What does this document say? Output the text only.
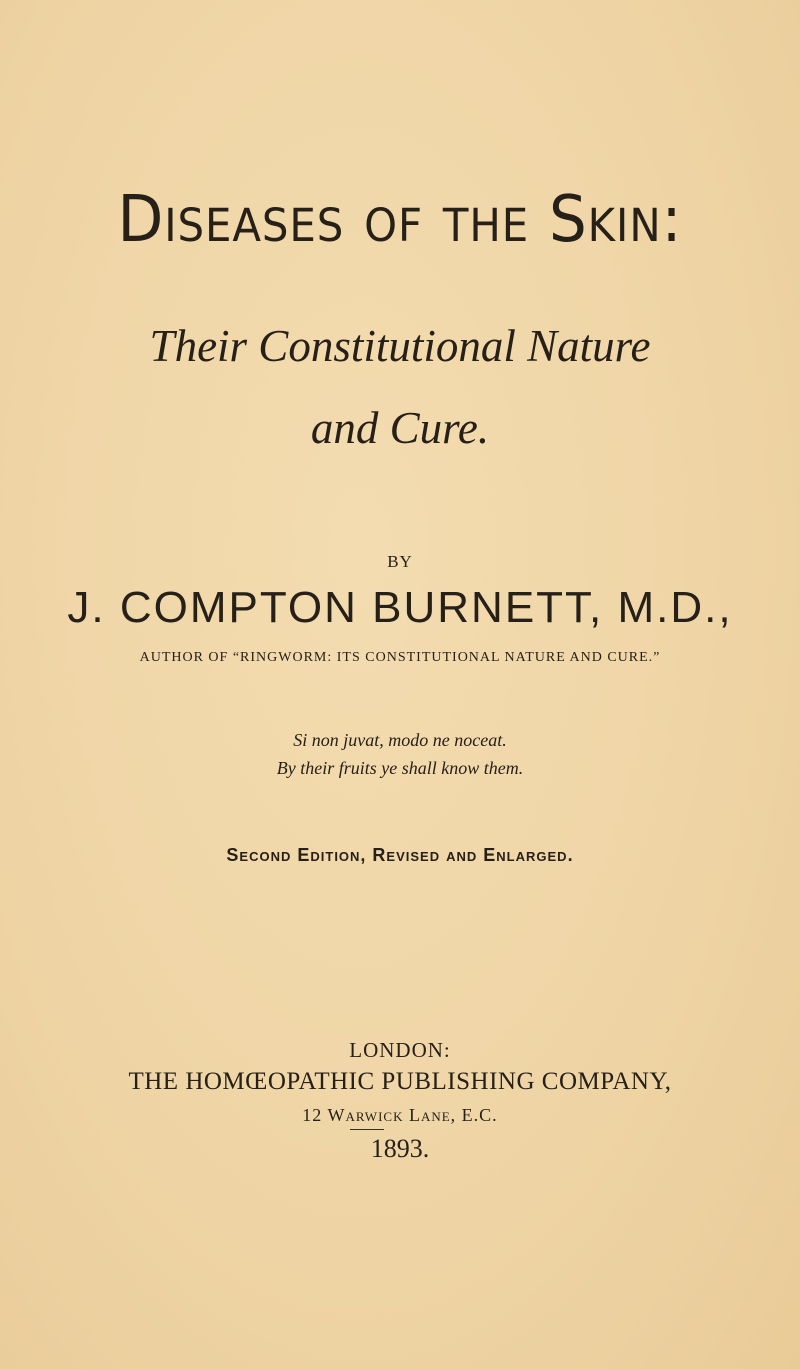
Diseases of the Skin:
Their Constitutional Nature
and Cure.
BY
J. COMPTON BURNETT, M.D.,
AUTHOR OF “RINGWORM: ITS CONSTITUTIONAL NATURE AND CURE.”
Si non juvat, modo ne noceat.
By their fruits ye shall know them.
Second Edition, Revised and Enlarged.
LONDON:
THE HOMŒOPATHIC PUBLISHING COMPANY,
12 Warwick Lane, E.C.
1893.
